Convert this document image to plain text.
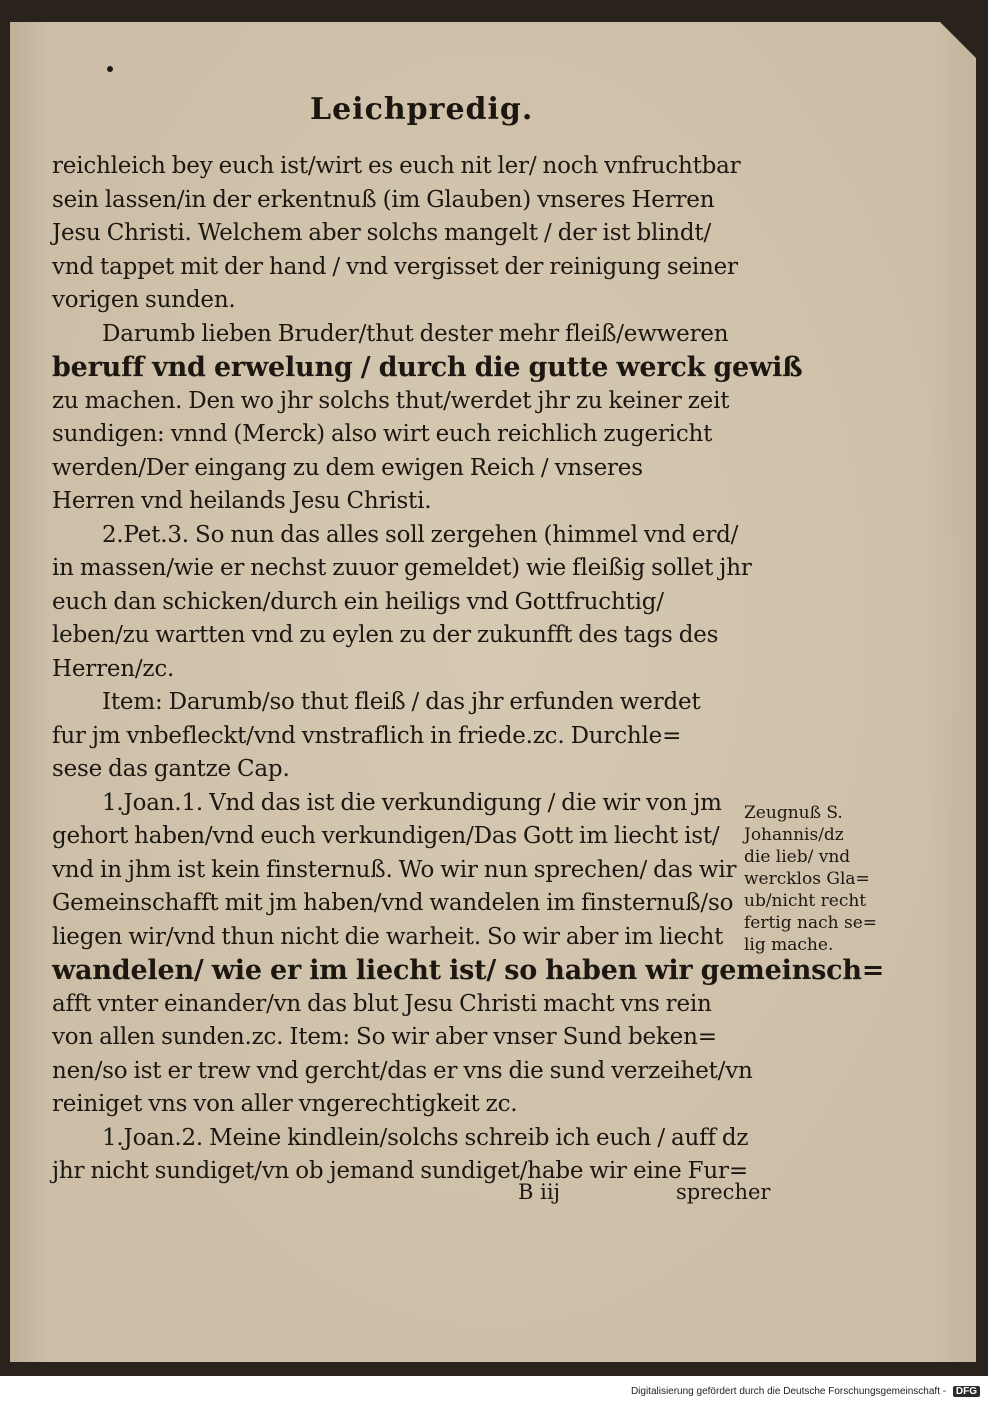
Leichpredig.
reichleich bey euch ist/wirt es euch nit ler/ noch vnfruchtbar
sein lassen/in der erkentnuß (im Glauben) vnseres Herren
Jesu Christi. Welchem aber solchs mangelt / der ist blindt/
vnd tappet mit der hand / vnd vergisset der reinigung seiner
vorigen sunden.
Darumb lieben Bruder/thut dester mehr fleiß/ewweren
beruff vnd erwelung / durch die gutte werck gewiß
zu machen. Den wo jhr solchs thut/werdet jhr zu keiner zeit
sundigen: vnnd (Merck) also wirt euch reichlich zugericht
werden/Der eingang zu dem ewigen Reich / vnseres
Herren vnd heilands Jesu Christi.
2.Pet.3. So nun das alles soll zergehen (himmel vnd erd/
in massen/wie er nechst zuuor gemeldet) wie fleißig sollet jhr
euch dan schicken/durch ein heiligs vnd Gottfruchtig/
leben/zu wartten vnd zu eylen zu der zukunfft des tags des
Herren/zc.
Item: Darumb/so thut fleiß / das jhr erfunden werdet
fur jm vnbefleckt/vnd vnstraflich in friede.zc. Durchle=
sese das gantze Cap.
1.Joan.1. Vnd das ist die verkundigung / die wir von jm
gehort haben/vnd euch verkundigen/Das Gott im liecht ist/
vnd in jhm ist kein finsternuß. Wo wir nun sprechen/ das wir
Gemeinschafft mit jm haben/vnd wandelen im finsternuß/so
liegen wir/vnd thun nicht die warheit. So wir aber im liecht
wandelen/ wie er im liecht ist/ so haben wir gemeinsch=
afft vnter einander/vn das blut Jesu Christi macht vns rein
von allen sunden.zc. Item: So wir aber vnser Sund beken=
nen/so ist er trew vnd gercht/das er vns die sund verzeihet/vn
reiniget vns von aller vngerechtigkeit zc.
1.Joan.2. Meine kindlein/solchs schreib ich euch / auff dz
jhr nicht sundiget/vn ob jemand sundiget/habe wir eine Fur=
Zeugnuß S.
Johannis/dz
die lieb/ vnd
wercklos Gla=
ub/nicht recht
fertig nach se=
lig mache.
B iij	sprecher
Digitalisierung gefördert durch die Deutsche Forschungsgemeinschaft - DFG
